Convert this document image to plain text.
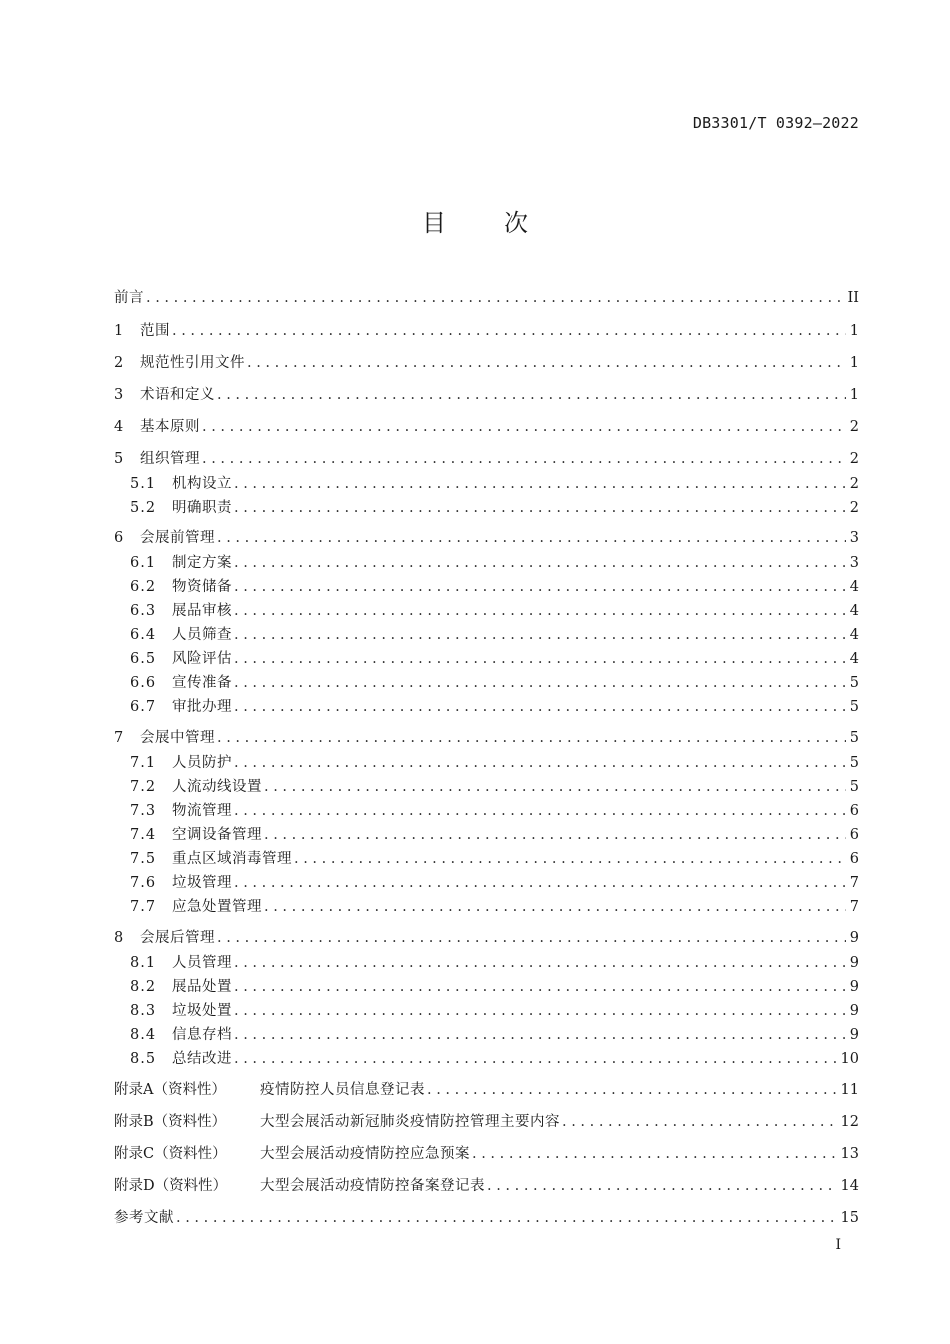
DB3301/T 0392—2022
目 次
前言 .....	II
1	范围 .....	1
2	规范性引用文件 .....	1
3	术语和定义 .....	1
4	基本原则 .....	2
5	组织管理 .....	2
5.1	机构设立 .....	2
5.2	明确职责 .....	2
6	会展前管理 .....	3
6.1	制定方案 .....	3
6.2	物资储备 .....	4
6.3	展品审核 .....	4
6.4	人员筛查 .....	4
6.5	风险评估 .....	4
6.6	宣传准备 .....	5
6.7	审批办理 .....	5
7	会展中管理 .....	5
7.1	人员防护 .....	5
7.2	人流动线设置 .....	5
7.3	物流管理 .....	6
7.4	空调设备管理 .....	6
7.5	重点区域消毒管理 .....	6
7.6	垃圾管理 .....	7
7.7	应急处置管理 .....	7
8	会展后管理 .....	9
8.1	人员管理 .....	9
8.2	展品处置 .....	9
8.3	垃圾处置 .....	9
8.4	信息存档 .....	9
8.5	总结改进 .....	10
附录A（资料性）	疫情防控人员信息登记表 .....	11
附录B（资料性）	大型会展活动新冠肺炎疫情防控管理主要内容 .....	12
附录C（资料性）	大型会展活动疫情防控应急预案 .....	13
附录D（资料性）	大型会展活动疫情防控备案登记表 .....	14
参考文献 .....	15
I
